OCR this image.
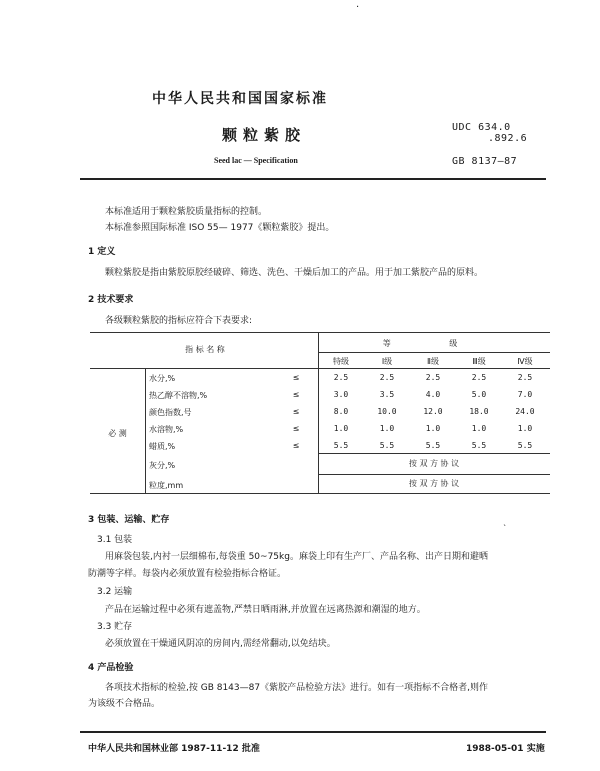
·
中华人民共和国国家标准
颗粒紫胶	UDC 634.0
.892.6
Seed lac — Specification	GB 8137—87
本标准适用于颗粒紫胶质量指标的控制。
本标准参照国际标准 ISO 55— 1977《颗粒紫胶》提出。
1 定义
颗粒紫胶是指由紫胶原胶经破碎、筛选、洗色、干燥后加工的产品。用于加工紫胶产品的原料。
2 技术要求
各级颗粒紫胶的指标应符合下表要求:
指 标 名 称
等 级
特级	Ⅰ级	Ⅱ级	Ⅲ级	Ⅳ级
必 测
水分,%	≤	2.5	2.5	2.5	2.5	2.5
热乙醇不溶物,%	≤	3.0	3.5	4.0	5.0	7.0
颜色指数,号	≤	8.0	10.0	12.0	18.0	24.0
水溶物,%	≤	1.0	1.0	1.0	1.0	1.0
蜡质,%	≤	5.5	5.5	5.5	5.5	5.5
灰分,%	按 双 方 协 议
粒度,mm	按 双 方 协 议
3 包装、运输、贮存
ˋ
3.1 包装
用麻袋包装,内衬一层细棉布,每袋重 50~75kg。麻袋上印有生产厂、产品名称、出产日期和避晒
防潮等字样。每袋内必须放置有检验指标合格证。
3.2 运输
产品在运输过程中必须有遮盖物,严禁日晒雨淋,并放置在远离热源和潮湿的地方。
3.3 贮存
必须放置在干燥通风阴凉的房间内,需经常翻动,以免结块。
4 产品检验
各项技术指标的检验,按 GB 8143—87《紫胶产品检验方法》进行。如有一项指标不合格者,则作
为该级不合格品。
中华人民共和国林业部 1987-11-12 批准	1988-05-01 实施
